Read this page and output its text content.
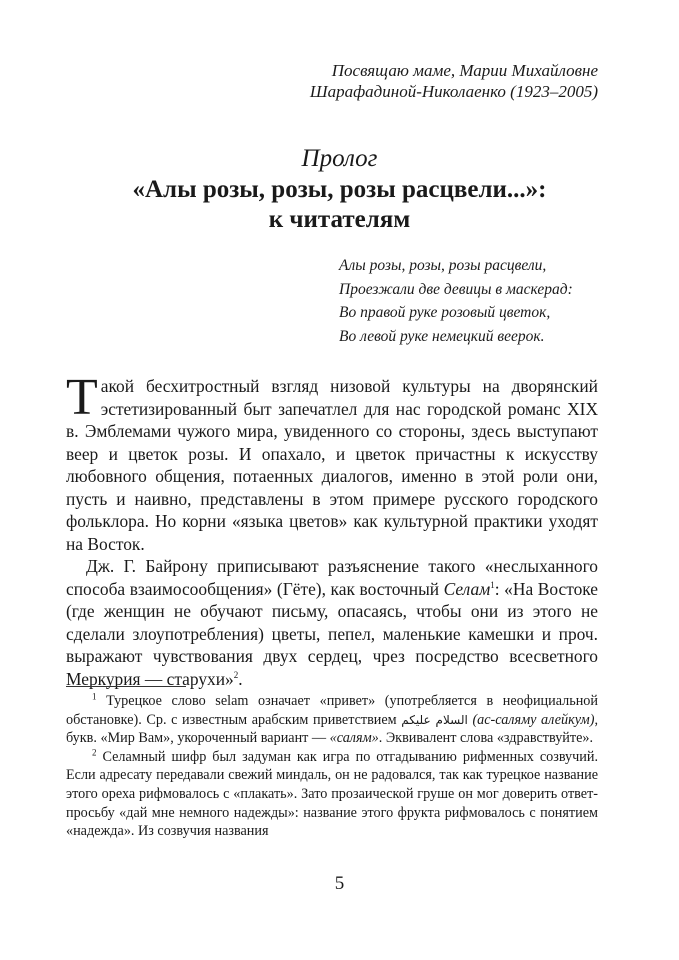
Посвящаю маме, Марии Михайловне

Шарафадиной-Николаенко (1923–2005)

Пролог
«Алы розы, розы, розы расцвели...»:
к читателям

Алы розы, розы, розы расцвели,

Проезжали две девицы в маскерад:

Во правой руке розовый цветок,

Во левой руке немецкий веерок.

Такой бесхитростный взгляд низовой культуры на дворянский эстетизированный быт запечатлел для нас городской романс XIX в. Эмблемами чужого мира, увиденного со стороны, здесь выступают веер и цветок розы. И опахало, и цветок причастны к искусству любовного общения, потаенных диалогов, именно в этой роли они, пусть и наивно, представлены в этом примере русского городского фольклора. Но корни «языка цветов» как культурной практики уходят на Восток.

Дж. Г. Байрону приписывают разъяснение такого «неслыханного способа взаимосообщения» (Гёте), как восточный Селам$^1$: «На Востоке (где женщин не обучают письму, опасаясь, чтобы они из этого не сделали злоупотребления) цветы, пепел, маленькие камешки и проч. выражают чувствования двух сердец, чрез посредство всесветного Меркурия — старухи»$^2$.

$^1$ Турецкое слово selam означает «привет» (употребляется в неофициальной обстановке). Ср. с известным арабским приветствием السلام عليكم (ас-саляму алейкум), букв. «Мир Вам», укороченный вариант — «салям». Эквивалент слова «здравствуйте».

$^2$ Селамный шифр был задуман как игра по отгадыванию рифменных созвучий. Если адресату передавали свежий миндаль, он не радовался, так как турецкое название этого ореха рифмовалось с «плакать». Зато прозаической груше он мог доверить ответ-просьбу «дай мне немного надежды»: название этого фрукта рифмовалось с понятием «надежда». Из созвучия названия

5
